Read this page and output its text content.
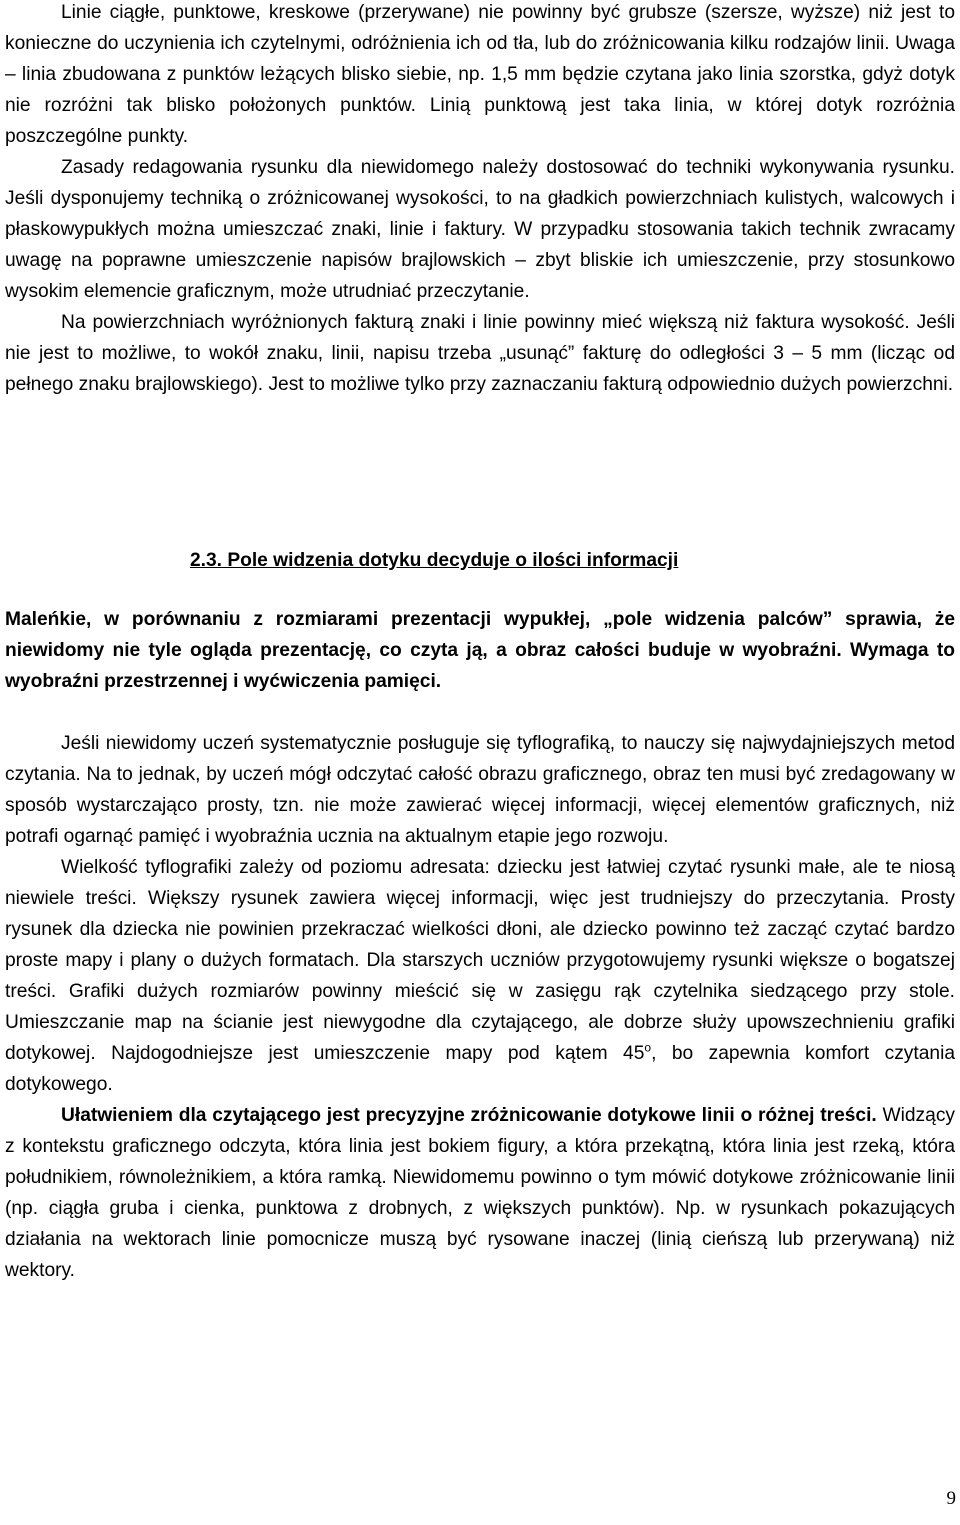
Linie ciągłe, punktowe, kreskowe (przerywane) nie powinny być grubsze (szersze, wyższe) niż jest to konieczne do uczynienia ich czytelnymi, odróżnienia ich od tła, lub do zróżnicowania kilku rodzajów linii. Uwaga – linia zbudowana z punktów leżących blisko siebie, np. 1,5 mm będzie czytana jako linia szorstka, gdyż dotyk nie rozróżni tak blisko położonych punktów. Linią punktową jest taka linia, w której dotyk rozróżnia poszczególne punkty.

Zasady redagowania rysunku dla niewidomego należy dostosować do techniki wykonywania rysunku. Jeśli dysponujemy techniką o zróżnicowanej wysokości, to na gładkich powierzchniach kulistych, walcowych i płaskowypukłych można umieszczać znaki, linie i faktury. W przypadku stosowania takich technik zwracamy uwagę na poprawne umieszczenie napisów brajlowskich – zbyt bliskie ich umieszczenie, przy stosunkowo wysokim elemencie graficznym, może utrudniać przeczytanie.

Na powierzchniach wyróżnionych fakturą znaki i linie powinny mieć większą niż faktura wysokość. Jeśli nie jest to możliwe, to wokół znaku, linii, napisu trzeba „usunąć” fakturę do odległości 3 – 5 mm (licząc od pełnego znaku brajlowskiego). Jest to możliwe tylko przy zaznaczaniu fakturą odpowiednio dużych powierzchni.

2.3. Pole widzenia dotyku decyduje o ilości informacji

Maleńkie, w porównaniu z rozmiarami prezentacji wypukłej, „pole widzenia palców” sprawia, że niewidomy nie tyle ogląda prezentację, co czyta ją, a obraz całości buduje w wyobraźni. Wymaga to wyobraźni przestrzennej i wyćwiczenia pamięci.

Jeśli niewidomy uczeń systematycznie posługuje się tyflografiką, to nauczy się najwydajniejszych metod czytania. Na to jednak, by uczeń mógł odczytać całość obrazu graficznego, obraz ten musi być zredagowany w sposób wystarczająco prosty, tzn. nie może zawierać więcej informacji, więcej elementów graficznych, niż potrafi ogarnąć pamięć i wyobraźnia ucznia na aktualnym etapie jego rozwoju.

Wielkość tyflografiki zależy od poziomu adresata: dziecku jest łatwiej czytać rysunki małe, ale te niosą niewiele treści. Większy rysunek zawiera więcej informacji, więc jest trudniejszy do przeczytania. Prosty rysunek dla dziecka nie powinien przekraczać wielkości dłoni, ale dziecko powinno też zacząć czytać bardzo proste mapy i plany o dużych formatach. Dla starszych uczniów przygotowujemy rysunki większe o bogatszej treści. Grafiki dużych rozmiarów powinny mieścić się w zasięgu rąk czytelnika siedzącego przy stole. Umieszczanie map na ścianie jest niewygodne dla czytającego, ale dobrze służy upowszechnieniu grafiki dotykowej. Najdogodniejsze jest umieszczenie mapy pod kątem 45$^o$, bo zapewnia komfort czytania dotykowego.

Ułatwieniem dla czytającego jest precyzyjne zróżnicowanie dotykowe linii o różnej treści. Widzący z kontekstu graficznego odczyta, która linia jest bokiem figury, a która przekątną, która linia jest rzeką, która południkiem, równoleżnikiem, a która ramką. Niewidomemu powinno o tym mówić dotykowe zróżnicowanie linii (np. ciągła gruba i cienka, punktowa z drobnych, z większych punktów). Np. w rysunkach pokazujących działania na wektorach linie pomocnicze muszą być rysowane inaczej (linią cieńszą lub przerywaną) niż wektory.

9
